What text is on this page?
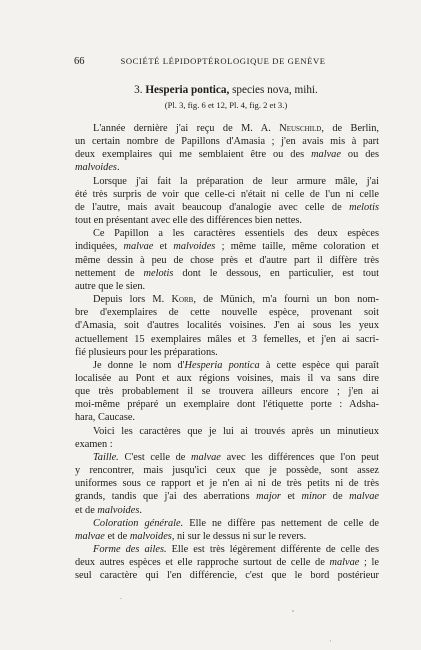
66	SOCIÉTÉ LÉPIDOPTÉROLOGIQUE DE GENÈVE
3. Hesperia pontica, species nova, mihi.
(Pl. 3, fig. 6 et 12, Pl. 4, fig. 2 et 3.)
L'année dernière j'ai reçu de M. A. Neuschild, de Berlin,
un certain nombre de Papillons d'Amasia ; j'en avais mis à part
deux exemplaires qui me semblaient être ou des malvae ou des
malvoides.
Lorsque j'ai fait la préparation de leur armure mâle, j'ai
été très surpris de voir que celle-ci n'était ni celle de l'un ni celle
de l'autre, mais avait beaucoup d'analogie avec celle de melotis
tout en présentant avec elle des différences bien nettes.
Ce Papillon a les caractères essentiels des deux espèces
indiquées, malvae et malvoides ; même taille, même coloration et
même dessin à peu de chose près et d'autre part il diffère très
nettement de melotis dont le dessous, en particulier, est tout
autre que le sien.
Depuis lors M. Korb, de Münich, m'a fourni un bon nom-
bre d'exemplaires de cette nouvelle espèce, provenant soit
d'Amasia, soit d'autres localités voisines. J'en ai sous les yeux
actuellement 15 exemplaires mâles et 3 femelles, et j'en ai sacri-
fié plusieurs pour les préparations.
Je donne le nom d'Hesperia pontica à cette espèce qui paraît
localisée au Pont et aux régions voisines, mais il va sans dire
que très probablement il se trouvera ailleurs encore ; j'en ai
moi-même préparé un exemplaire dont l'étiquette porte : Adsha-
hara, Caucase.
Voici les caractères que je lui ai trouvés après un minutieux
examen :
Taille. C'est celle de malvae avec les différences que l'on peut
y rencontrer, mais jusqu'ici ceux que je possède, sont assez
uniformes sous ce rapport et je n'en ai ni de très petits ni de très
grands, tandis que j'ai des aberrations major et minor de malvae
et de malvoides.
Coloration générale. Elle ne diffère pas nettement de celle de
malvae et de malvoides, ni sur le dessus ni sur le revers.
Forme des ailes. Elle est très légèrement différente de celle des
deux autres espèces et elle rapproche surtout de celle de malvae ; le
seul caractère qui l'en différencie, c'est que le bord postérieur
